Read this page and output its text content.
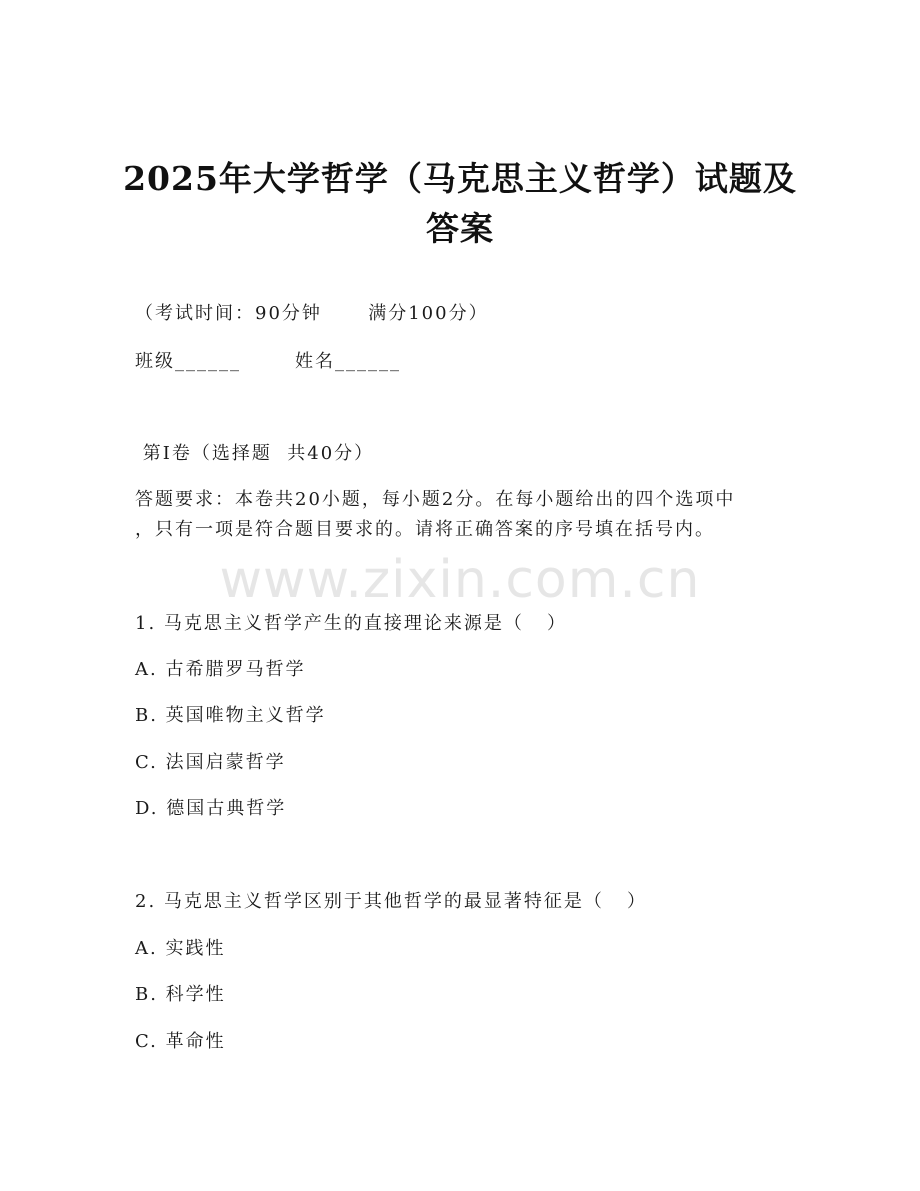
2025年大学哲学（马克思主义哲学）试题及
答案
（考试时间：90分钟      满分100分）
班级______       姓名______
第Ⅰ卷（选择题  共40分）
答题要求：本卷共20小题，每小题2分。在每小题给出的四个选项中
，只有一项是符合题目要求的。请将正确答案的序号填在括号内。
www.zixin.com.cn
1. 马克思主义哲学产生的直接理论来源是（   ）
A. 古希腊罗马哲学
B. 英国唯物主义哲学
C. 法国启蒙哲学
D. 德国古典哲学
2. 马克思主义哲学区别于其他哲学的最显著特征是（   ）
A. 实践性
B. 科学性
C. 革命性
